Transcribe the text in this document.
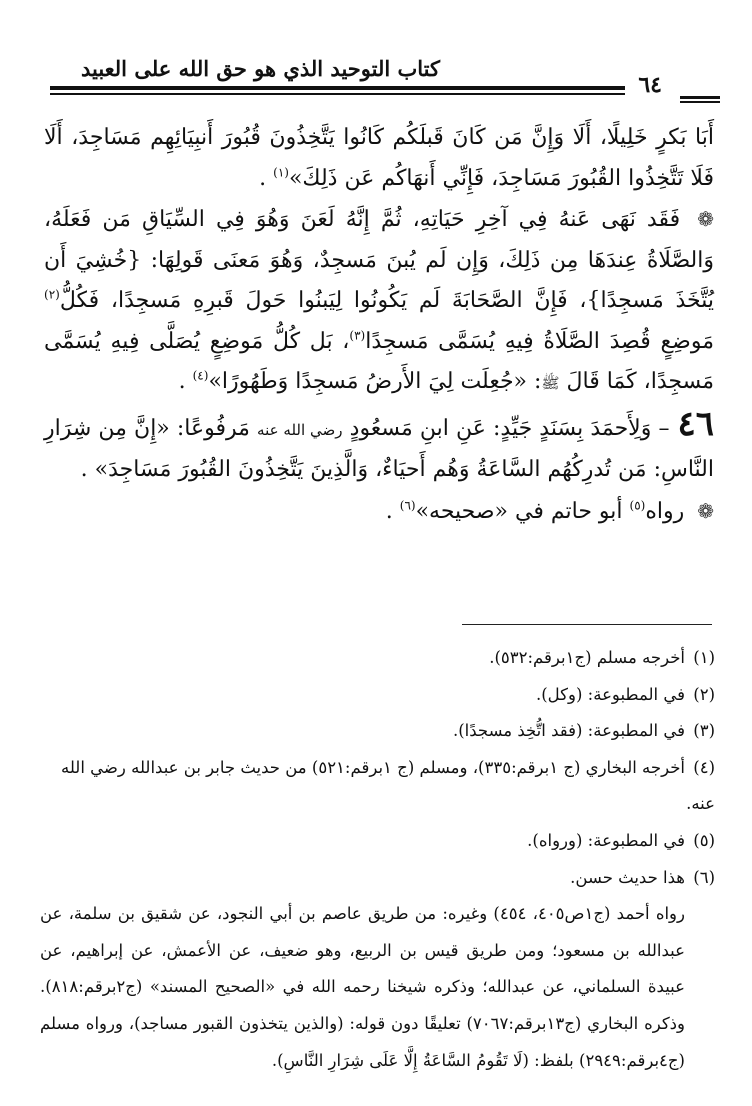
كتاب التوحيد الذي هو حق الله على العبيد
٦٤

أَبَا بَكرٍ خَلِيلًا، أَلَا وَإِنَّ مَن كَانَ قَبلَكُم كَانُوا يَتَّخِذُونَ قُبُورَ أَنبِيَائِهِم مَسَاجِدَ، أَلَا فَلَا تَتَّخِذُوا القُبُورَ مَسَاجِدَ، فَإِنِّي أَنهَاكُم عَن ذَلِكَ»$^{(١)}$ .

❁ فَقَد نَهَى عَنهُ فِي آخِرِ حَيَاتِهِ، ثُمَّ إِنَّهُ لَعَنَ وَهُوَ فِي السِّيَاقِ مَن فَعَلَهُ، وَالصَّلَاةُ عِندَهَا مِن ذَلِكَ، وَإِن لَم يُبنَ مَسجِدٌ، وَهُوَ مَعنَى قَولِهَا: {خُشِيَ أَن يُتَّخَذَ مَسجِدًا}، فَإِنَّ الصَّحَابَةَ لَم يَكُونُوا لِيَبنُوا حَولَ قَبرِهِ مَسجِدًا، فَكُلُّ$^{(٢)}$ مَوضِعٍ قُصِدَ الصَّلَاةُ فِيهِ يُسَمَّى مَسجِدًا$^{(٣)}$، بَل كُلُّ مَوضِعٍ يُصَلَّى فِيهِ يُسَمَّى مَسجِدًا، كَمَا قَالَ ﷺ: «جُعِلَت لِيَ الأَرضُ مَسجِدًا وَطَهُورًا»$^{(٤)}$ .

٤٦– وَلِأَحمَدَ بِسَنَدٍ جَيِّدٍ: عَنِ ابنِ مَسعُودٍ رضي الله عنه مَرفُوعًا: «إِنَّ مِن شِرَارِ النَّاسِ: مَن تُدرِكُهُم السَّاعَةُ وَهُم أَحيَاءٌ، وَالَّذِينَ يَتَّخِذُونَ القُبُورَ مَسَاجِدَ» .

❁ رواه$^{(٥)}$ أبو حاتم في «صحيحه»$^{(٦)}$ .

(١)أخرجه مسلم (ج١برقم:٥٣٢).

(٢)في المطبوعة: (وكل).

(٣)في المطبوعة: (فقد اتُّخِذ مسجدًا).

(٤)أخرجه البخاري (ج ١برقم:٣٣٥)، ومسلم (ج ١برقم:٥٢١) من حديث جابر بن عبدالله رضي الله عنه.

(٥)في المطبوعة: (ورواه).

(٦)هذا حديث حسن.

رواه أحمد (ج١ص٤٠٥، ٤٥٤) وغيره: من طريق عاصم بن أبي النجود، عن شقيق بن سلمة، عن عبدالله بن مسعود؛ ومن طريق قيس بن الربيع، وهو ضعيف، عن الأعمش، عن إبراهيم، عن عبيدة السلماني، عن عبدالله؛ وذكره شيخنا رحمه الله في «الصحيح المسند» (ج٢برقم:٨١٨). وذكره البخاري (ج١٣برقم:٧٠٦٧) تعليقًا دون قوله: (والذين يتخذون القبور مساجد)، ورواه مسلم (ج٤برقم:٢٩٤٩) بلفظ: (لَا تَقُومُ السَّاعَةُ إِلَّا عَلَى شِرَارِ النَّاسِ).
